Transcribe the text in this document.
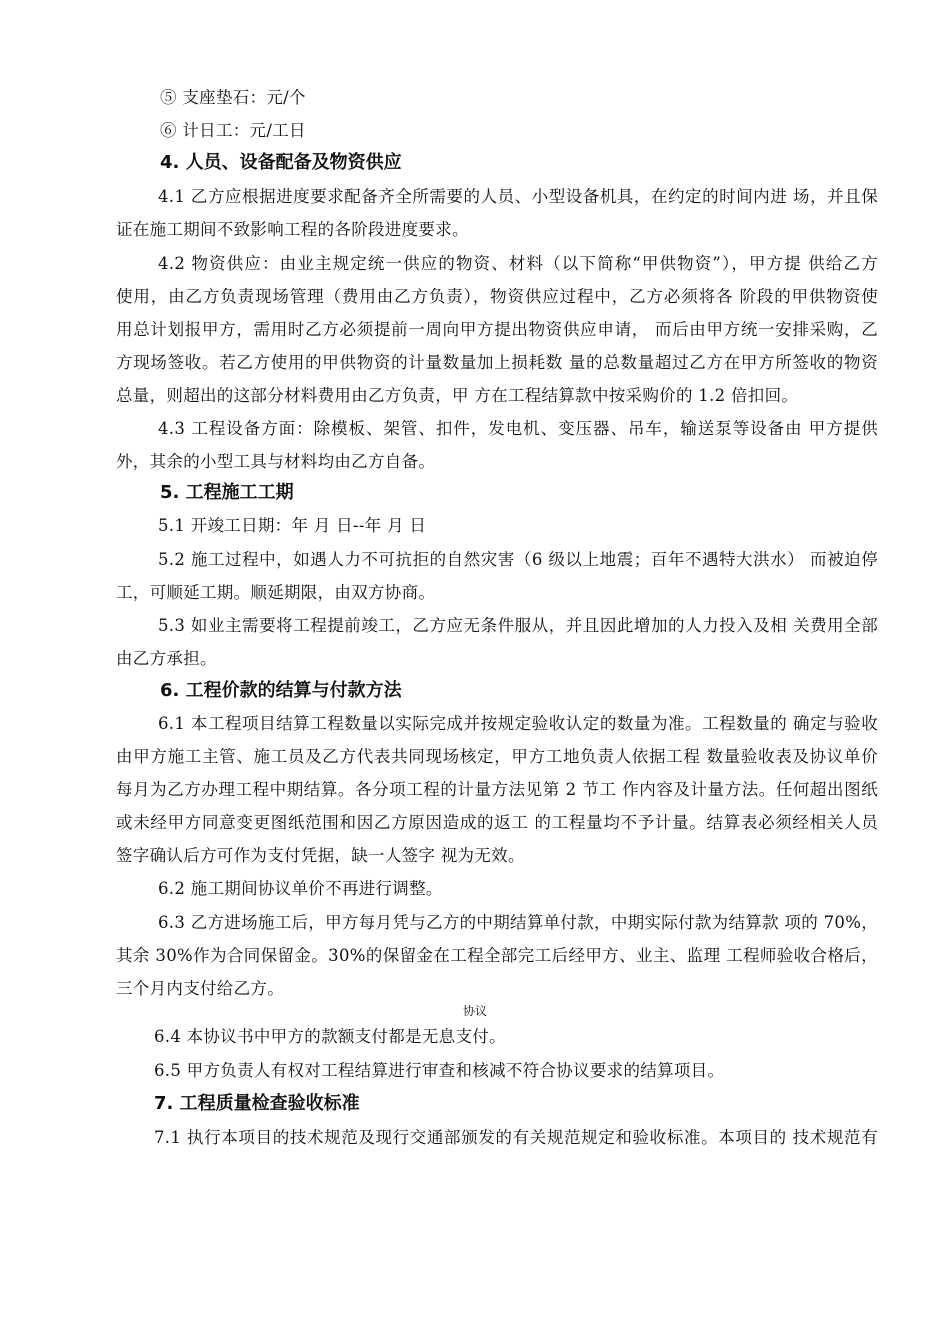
⑤ 支座垫石：元/个
⑥ 计日工：元/工日
4. 人员、设备配备及物资供应
4.1 乙方应根据进度要求配备齐全所需要的人员、小型设备机具，在约定的时间内进 场，并且保
证在施工期间不致影响工程的各阶段进度要求。
4.2 物资供应：由业主规定统一供应的物资、材料（以下简称“甲供物资”），甲方提 供给乙方
使用，由乙方负责现场管理（费用由乙方负责），物资供应过程中，乙方必须将各 阶段的甲供物资使
用总计划报甲方，需用时乙方必须提前一周向甲方提出物资供应申请， 而后由甲方统一安排采购，乙
方现场签收。若乙方使用的甲供物资的计量数量加上损耗数 量的总数量超过乙方在甲方所签收的物资
总量，则超出的这部分材料费用由乙方负责，甲 方在工程结算款中按采购价的 1.2 倍扣回。
4.3 工程设备方面：除模板、架管、扣件，发电机、变压器、吊车，输送泵等设备由 甲方提供
外，其余的小型工具与材料均由乙方自备。
5. 工程施工工期
5.1 开竣工日期：年 月 日--年 月 日
5.2 施工过程中，如遇人力不可抗拒的自然灾害（6 级以上地震；百年不遇特大洪水） 而被迫停
工，可顺延工期。顺延期限，由双方协商。
5.3 如业主需要将工程提前竣工，乙方应无条件服从，并且因此增加的人力投入及相 关费用全部
由乙方承担。
6. 工程价款的结算与付款方法
6.1 本工程项目结算工程数量以实际完成并按规定验收认定的数量为准。工程数量的 确定与验收
由甲方施工主管、施工员及乙方代表共同现场核定，甲方工地负责人依据工程 数量验收表及协议单价
每月为乙方办理工程中期结算。各分项工程的计量方法见第 2 节工 作内容及计量方法。任何超出图纸
或未经甲方同意变更图纸范围和因乙方原因造成的返工 的工程量均不予计量。结算表必须经相关人员
签字确认后方可作为支付凭据，缺一人签字 视为无效。
6.2 施工期间协议单价不再进行调整。
6.3 乙方进场施工后，甲方每月凭与乙方的中期结算单付款，中期实际付款为结算款 项的 70%，
其余 30%作为合同保留金。30%的保留金在工程全部完工后经甲方、业主、监理 工程师验收合格后，
三个月内支付给乙方。
协议
6.4 本协议书中甲方的款额支付都是无息支付。
6.5 甲方负责人有权对工程结算进行审查和核减不符合协议要求的结算项目。
7. 工程质量检查验收标准
7.1 执行本项目的技术规范及现行交通部颁发的有关规范规定和验收标准。本项目的 技术规范有
